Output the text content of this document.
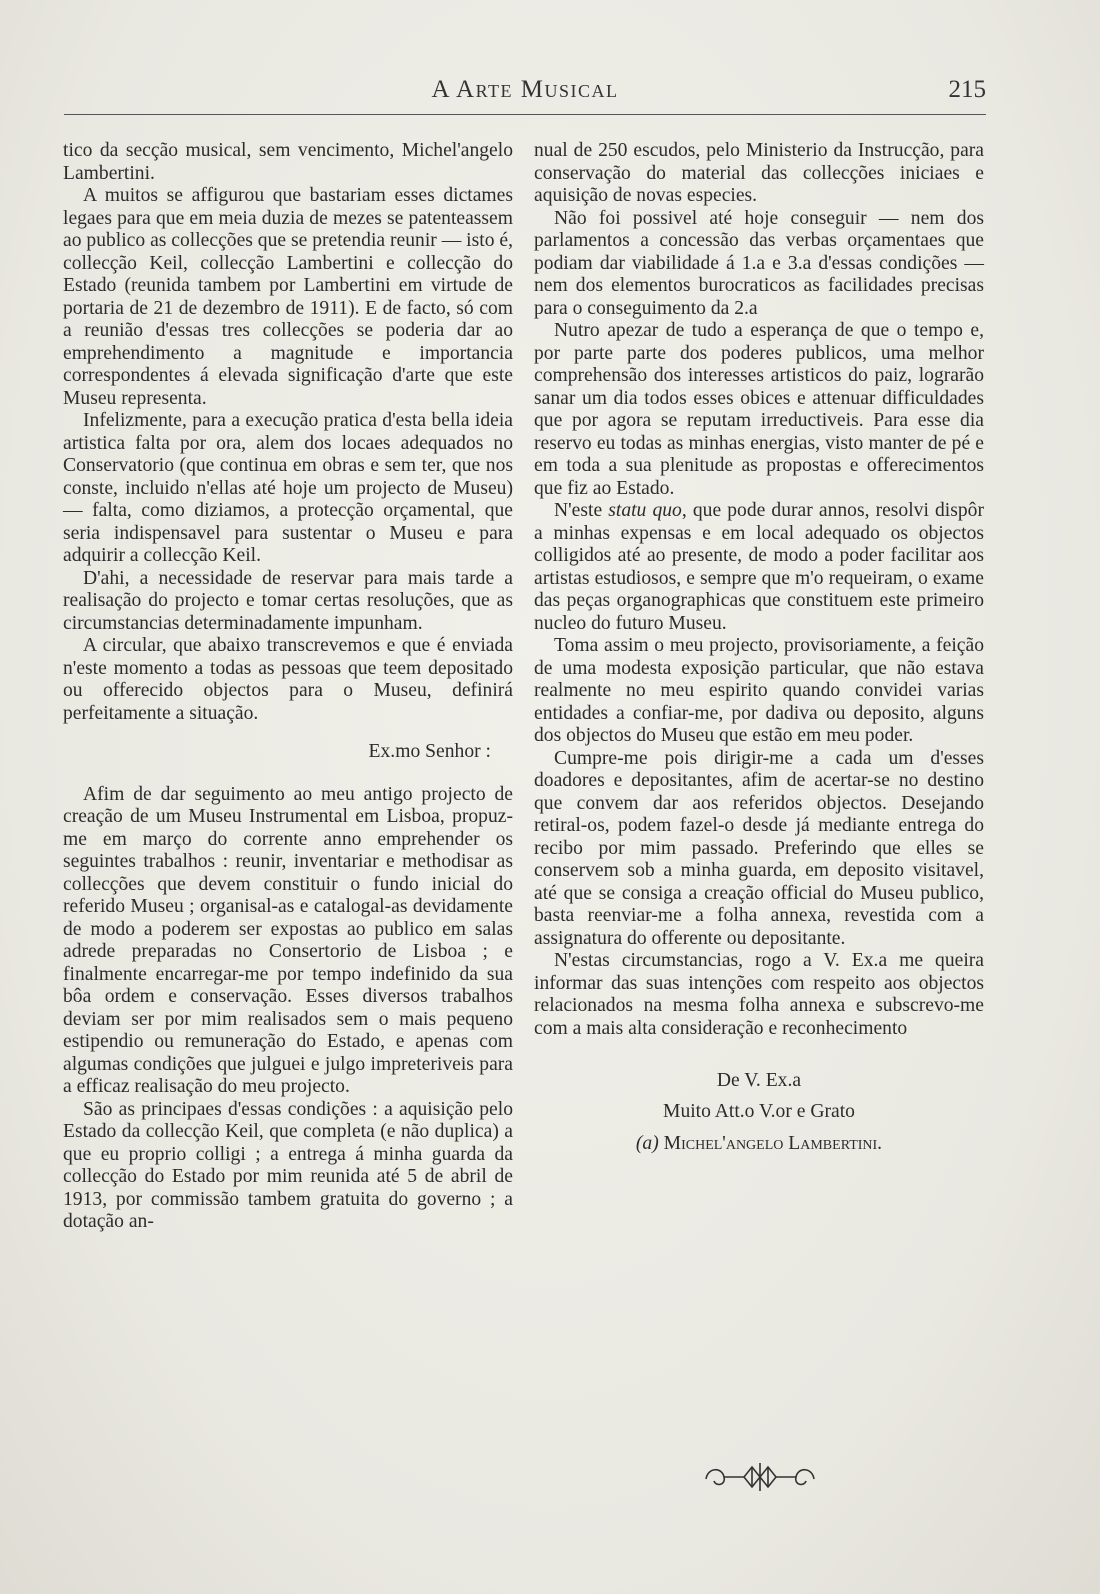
A Arte Musical	215

tico da secção musical, sem vencimento, Michel'angelo Lambertini.

A muitos se affigurou que bastariam esses dictames legaes para que em meia duzia de mezes se patenteassem ao publico as collecções que se pretendia reunir — isto é, collecção Keil, collecção Lambertini e collecção do Estado (reunida tambem por Lambertini em virtude de portaria de 21 de dezembro de 1911). E de facto, só com a reunião d'essas tres collecções se poderia dar ao emprehendimento a magnitude e importancia correspondentes á elevada significação d'arte que este Museu representa.

Infelizmente, para a execução pratica d'esta bella ideia artistica falta por ora, alem dos locaes adequados no Conservatorio (que continua em obras e sem ter, que nos conste, incluido n'ellas até hoje um projecto de Museu) — falta, como diziamos, a protecção orçamental, que seria indispensavel para sustentar o Museu e para adquirir a collecção Keil.

D'ahi, a necessidade de reservar para mais tarde a realisação do projecto e tomar certas resoluções, que as circumstancias determinadamente impunham.

A circular, que abaixo transcrevemos e que é enviada n'este momento a todas as pessoas que teem depositado ou offerecido objectos para o Museu, definirá perfeitamente a situação.

Ex.mo Senhor :

Afim de dar seguimento ao meu antigo projecto de creação de um Museu Instrumental em Lisboa, propuz-me em março do corrente anno emprehender os seguintes trabalhos : reunir, inventariar e methodisar as collecções que devem constituir o fundo inicial do referido Museu ; organisal-as e catalogal-as devidamente de modo a poderem ser expostas ao publico em salas adrede preparadas no Consertorio de Lisboa ; e finalmente encarregar-me por tempo indefinido da sua bôa ordem e conservação. Esses diversos trabalhos deviam ser por mim realisados sem o mais pequeno estipendio ou remuneração do Estado, e apenas com algumas condições que julguei e julgo impreteriveis para a efficaz realisação do meu projecto.

São as principaes d'essas condições : a aquisição pelo Estado da collecção Keil, que completa (e não duplica) a que eu proprio colligi ; a entrega á minha guarda da collecção do Estado por mim reunida até 5 de abril de 1913, por commissão tambem gratuita do governo ; a dotação an-

nual de 250 escudos, pelo Ministerio da Instrucção, para conservação do material das collecções iniciaes e aquisição de novas especies.

Não foi possivel até hoje conseguir — nem dos parlamentos a concessão das verbas orçamentaes que podiam dar viabilidade á 1.a e 3.a d'essas condições — nem dos elementos burocraticos as facilidades precisas para o conseguimento da 2.a

Nutro apezar de tudo a esperança de que o tempo e, por parte parte dos poderes publicos, uma melhor comprehensão dos interesses artisticos do paiz, lograrão sanar um dia todos esses obices e attenuar difficuldades que por agora se reputam irreductiveis. Para esse dia reservo eu todas as minhas energias, visto manter de pé e em toda a sua plenitude as propostas e offerecimentos que fiz ao Estado.

N'este statu quo, que pode durar annos, resolvi dispôr a minhas expensas e em local adequado os objectos colligidos até ao presente, de modo a poder facilitar aos artistas estudiosos, e sempre que m'o requeiram, o exame das peças organographicas que constituem este primeiro nucleo do futuro Museu.

Toma assim o meu projecto, provisoriamente, a feição de uma modesta exposição particular, que não estava realmente no meu espirito quando convidei varias entidades a confiar-me, por dadiva ou deposito, alguns dos objectos do Museu que estão em meu poder.

Cumpre-me pois dirigir-me a cada um d'esses doadores e depositantes, afim de acertar-se no destino que convem dar aos referidos objectos. Desejando retiral-os, podem fazel-o desde já mediante entrega do recibo por mim passado. Preferindo que elles se conservem sob a minha guarda, em deposito visitavel, até que se consiga a creação official do Museu publico, basta reenviar-me a folha annexa, revestida com a assignatura do offerente ou depositante.

N'estas circumstancias, rogo a V. Ex.a me queira informar das suas intenções com respeito aos objectos relacionados na mesma folha annexa e subscrevo-me com a mais alta consideração e reconhecimento

De V. Ex.a

Muito Att.o V.or e Grato

(a) Michel'angelo Lambertini.
